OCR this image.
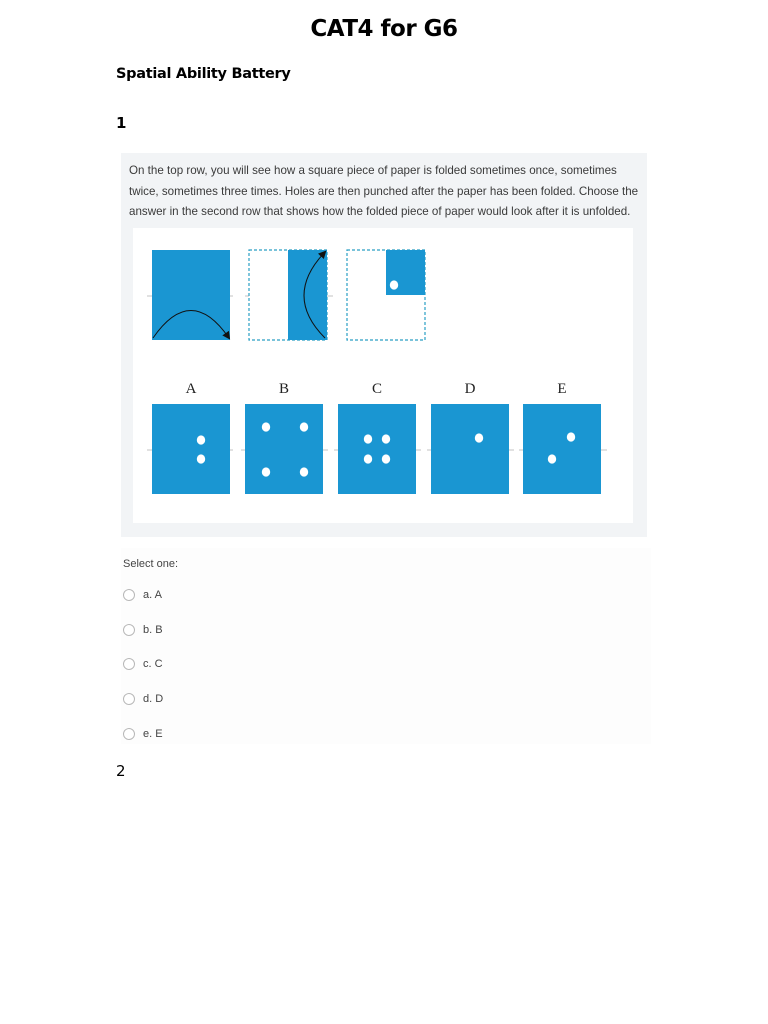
CAT4 for G6
Spatial Ability Battery
1
On the top row, you will see how a square piece of paper is folded sometimes once, sometimes twice, sometimes three times. Holes are then punched after the paper has been folded. Choose the answer in the second row that shows how the folded piece of paper would look after it is unfolded.
A	B	C	D	E
Select one:
a. A
b. B
c. C
d. D
e. E
2
